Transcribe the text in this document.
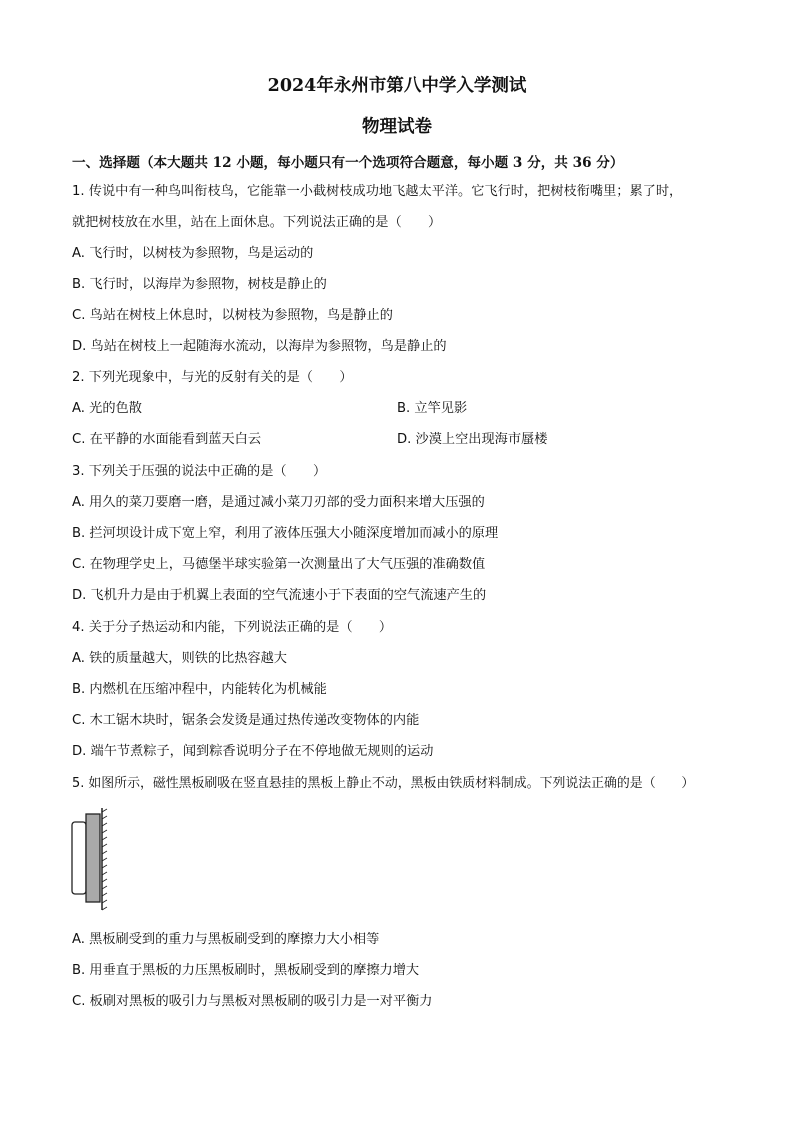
2024年永州市第八中学入学测试
物理试卷
一、选择题（本大题共 12 小题，每小题只有一个选项符合题意，每小题 3 分，共 36 分）
1. 传说中有一种鸟叫衔枝鸟，它能靠一小截树枝成功地飞越太平洋。它飞行时，把树枝衔嘴里；累了时，
就把树枝放在水里，站在上面休息。下列说法正确的是（　　）
A. 飞行时，以树枝为参照物，鸟是运动的
B. 飞行时，以海岸为参照物，树枝是静止的
C. 鸟站在树枝上休息时，以树枝为参照物，鸟是静止的
D. 鸟站在树枝上一起随海水流动，以海岸为参照物，鸟是静止的
2. 下列光现象中，与光的反射有关的是（　　）
A. 光的色散	B. 立竿见影
C. 在平静的水面能看到蓝天白云	D. 沙漠上空出现海市蜃楼
3. 下列关于压强的说法中正确的是（　　）
A. 用久的菜刀要磨一磨，是通过减小菜刀刃部的受力面积来增大压强的
B. 拦河坝设计成下宽上窄，利用了液体压强大小随深度增加而减小的原理
C. 在物理学史上，马德堡半球实验第一次测量出了大气压强的准确数值
D. 飞机升力是由于机翼上表面的空气流速小于下表面的空气流速产生的
4. 关于分子热运动和内能，下列说法正确的是（　　）
A. 铁的质量越大，则铁的比热容越大
B. 内燃机在压缩冲程中，内能转化为机械能
C. 木工锯木块时，锯条会发烫是通过热传递改变物体的内能
D. 端午节煮粽子，闻到粽香说明分子在不停地做无规则的运动
5. 如图所示，磁性黑板刷吸在竖直悬挂的黑板上静止不动，黑板由铁质材料制成。下列说法正确的是（　　）
A. 黑板刷受到的重力与黑板刷受到的摩擦力大小相等
B. 用垂直于黑板的力压黑板刷时，黑板刷受到的摩擦力增大
C. 板刷对黑板的吸引力与黑板对黑板刷的吸引力是一对平衡力
